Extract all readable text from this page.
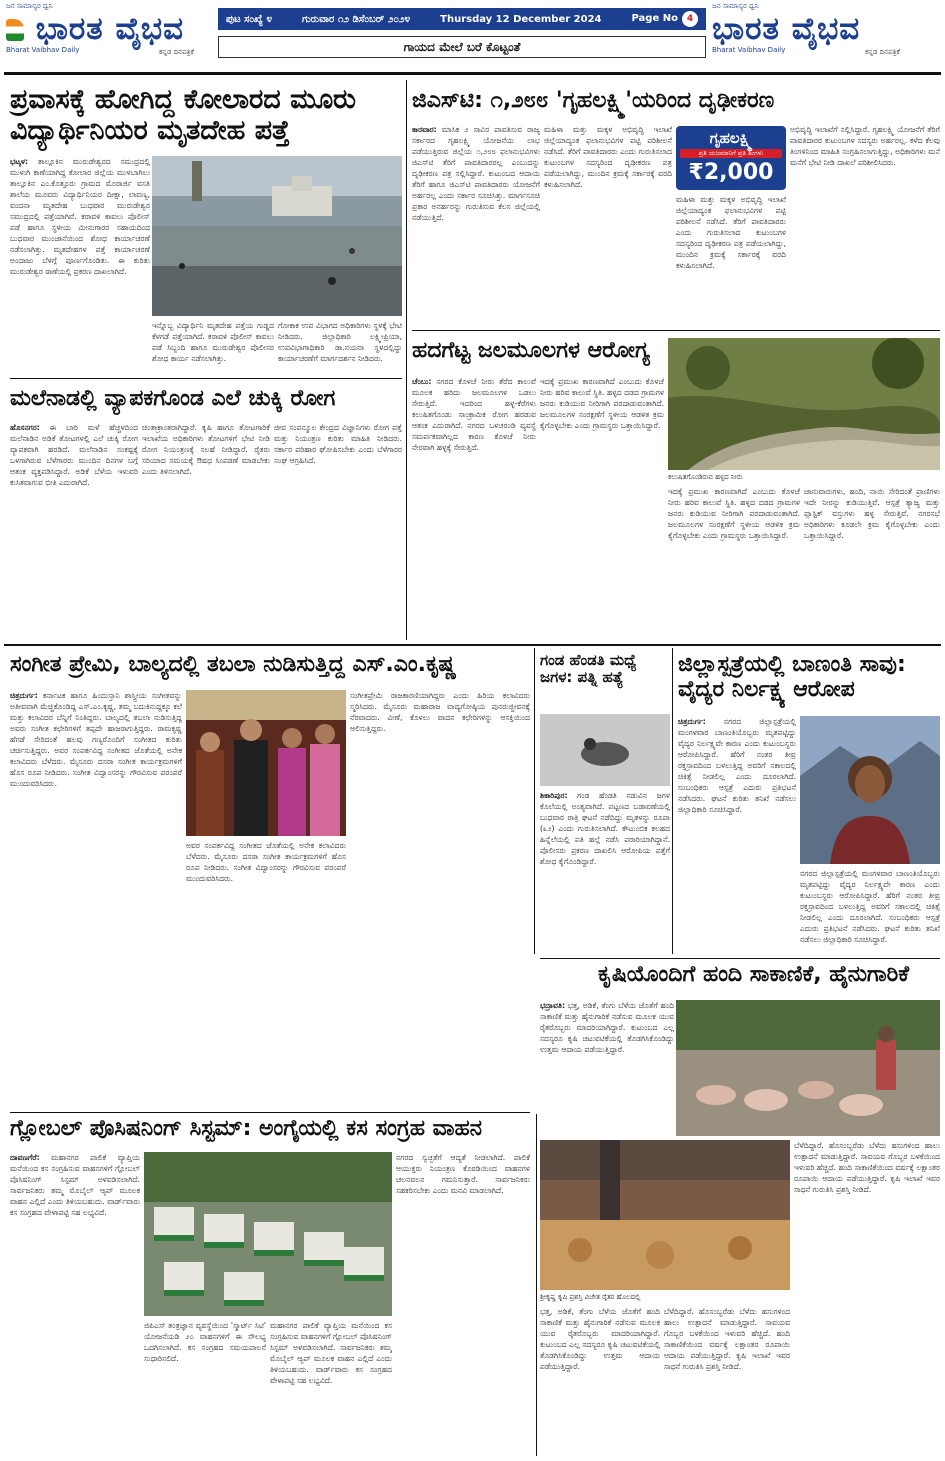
ಜನ ಸಾಮಾನ್ಯರ ಧ್ವನಿ
ಭಾರತ ವೈಭವ
Bharat Vaibhav Daily	ಕನ್ನಡ ದಿನಪತ್ರಿಕೆ
ಪುಟ ಸಂಖ್ಯೆ ೪	ಗುರುವಾರ ೧೨ ಡಿಸೆಂಬರ್ ೨೦೨೪	Thursday 12 December 2024	Page No 4
ಗಾಯದ ಮೇಲೆ ಬರೆ ಕೊಟ್ಟಂತೆ
ಜನ ಸಾಮಾನ್ಯರ ಧ್ವನಿ
ಭಾರತ ವೈಭವ
Bharat Vaibhav Daily	ಕನ್ನಡ ದಿನಪತ್ರಿಕೆ
ಪ್ರವಾಸಕ್ಕೆ ಹೋಗಿದ್ದ ಕೋಲಾರದ ಮೂರು ವಿದ್ಯಾರ್ಥಿನಿಯರ ಮೃತದೇಹ ಪತ್ತೆ
ಭಟ್ಕಳ: ತಾಲ್ಲೂಕಿನ ಮುರುಡೇಶ್ವರದ ಸಮುದ್ರದಲ್ಲಿ ಮುಳುಗಿ ಕಾಣೆಯಾಗಿದ್ದ ಕೋಲಾರ ಜಿಲ್ಲೆಯ ಮುಳಬಾಗಿಲು ತಾಲ್ಲೂಕಿನ ಎಂ.ಕೊತ್ತೂರು ಗ್ರಾಮದ ಮೊರಾರ್ಜಿ ವಸತಿ ಶಾಲೆಯ ಮೂವರು ವಿದ್ಯಾರ್ಥಿನಿಯರ ದೀಕ್ಷಾ, ಲಾವಣ್ಯ, ವಂದನಾ ಮೃತದೇಹ ಬುಧವಾರ ಮುರುಡೇಶ್ವರ ಸಮುದ್ರದಲ್ಲಿ ಪತ್ತೆಯಾಗಿವೆ. ಕರಾವಳಿ ಕಾವಲು ಪೊಲೀಸ್ ಪಡೆ ಹಾಗೂ ಸ್ಥಳೀಯ ಮೀನುಗಾರರ ಸಹಾಯದಿಂದ ಬುಧವಾರ ಮುಂಜಾನೆಯಿಂದ ಶೋಧ ಕಾರ್ಯಾಚರಣೆ ನಡೆಸಲಾಗಿತ್ತು. ಮೃತದೇಹಗಳ ಪತ್ತೆ ಕಾರ್ಯಾಚರಣೆ ಅಂದಾಜು ಬೆಳಿಗ್ಗೆ ಪೂರ್ಣಗೊಂಡಿತು. ಈ ಕುರಿತು ಮುರುಡೇಶ್ವರ ಠಾಣೆಯಲ್ಲಿ ಪ್ರಕರಣ ದಾಖಲಾಗಿದೆ.
ಇನ್ನೊಬ್ಬ ವಿದ್ಯಾರ್ಥಿನಿ ಮೃತದೇಹ ಪತ್ತೆಯ ಗುಡ್ಡದ ಕೆಳಗಡೆ ಪತ್ತೆಯಾಗಿದೆ. ಕರಾವಳಿ ಪೊಲೀಸ್ ಕಾವಲು ಪಡೆ ಸಿಬ್ಬಂದಿ ಹಾಗೂ ಮುರುಡೇಶ್ವರ ಪೊಲೀಸರ ಶೋಧ ಕಾರ್ಯ ನಡೆಸಲಾಗಿತ್ತು.
ಗೋಕಾಕ ಉಪ ವಿಭಾಗದ ಅಧಿಕಾರಿಗಳು ಸ್ಥಳಕ್ಕೆ ಭೇಟಿ ನೀಡಿದರು. ಜಿಲ್ಲಾಧಿಕಾರಿ ಲಕ್ಷ್ಮೀಪ್ರಿಯಾ, ಉಪವಿಭಾಗಾಧಿಕಾರಿ ಡಾ.ನಯನಾ ಸ್ಥಳದಲ್ಲಿದ್ದು ಕಾರ್ಯಾಚರಣೆಗೆ ಮಾರ್ಗದರ್ಶನ ನೀಡಿದರು.
ಮಲೆನಾಡಲ್ಲಿ ವ್ಯಾಪಕಗೊಂಡ ಎಲೆ ಚುಕ್ಕಿ ರೋಗ
ಹೊಸನಗರ: ಈ ಬಾರಿ ಮಳೆ ಹೆಚ್ಚಳದಿಂದ ಮಲೆನಾಡಿನ ಅಡಿಕೆ ತೋಟಗಳಲ್ಲಿ ಎಲೆ ಚುಕ್ಕಿ ರೋಗ ವ್ಯಾಪಕವಾಗಿ ಹರಡಿದೆ. ಮಲೆನಾಡಿನ ಸಂಕಷ್ಟಕ್ಕೆ ಒಳಗಾಗಿರುವ ಬೆಳೆಗಾರರು ಮುಂದಿನ ದಿನಗಳ ಬಗ್ಗೆ ಆತಂಕ ವ್ಯಕ್ತಪಡಿಸಿದ್ದಾರೆ. ಅಡಿಕೆ ಬೆಳೆಯ ಇಳುವರಿ ಕುಸಿತವಾಗುವ ಭೀತಿ ಎದುರಾಗಿದೆ.
ಚಿಂತಾಕ್ರಾಂತರಾಗಿದ್ದಾರೆ. ಕೃಷಿ ಹಾಗೂ ತೋಟಗಾರಿಕೆ ಇಲಾಖೆಯ ಅಧಿಕಾರಿಗಳು ತೋಟಗಳಿಗೆ ಭೇಟಿ ನೀಡಿ ರೋಗ ನಿಯಂತ್ರಣಕ್ಕೆ ಸಲಹೆ ನೀಡಿದ್ದಾರೆ. ರೈತರು ಸರಿಯಾದ ಸಮಯಕ್ಕೆ ಔಷಧ ಸಿಂಪಡಣೆ ಮಾಡಬೇಕು ಎಂದು ತಿಳಿಸಲಾಗಿದೆ.
ಜೀವ ಸಂಪನ್ಮೂಲ ಕೇಂದ್ರದ ವಿಜ್ಞಾನಿಗಳು ರೋಗ ಪತ್ತೆ ಮತ್ತು ನಿಯಂತ್ರಣ ಕುರಿತು ಮಾಹಿತಿ ನೀಡಿದರು. ಸರ್ಕಾರ ಪರಿಹಾರ ಘೋಷಿಸಬೇಕು ಎಂದು ಬೆಳೆಗಾರರ ಸಂಘ ಆಗ್ರಹಿಸಿದೆ.
ಜಿಎಸ್‌ಟಿ: ೧,೨೮೮ 'ಗೃಹಲಕ್ಷ್ಮಿ'ಯರಿಂದ ದೃಢೀಕರಣ
ಕಾರವಾರ: ಮಾಸಿಕ ೨ ಸಾವಿರ ಪಾವತಿಸುವ ರಾಜ್ಯ ಸರ್ಕಾರದ ಗೃಹಲಕ್ಷ್ಮಿ ಯೋಜನೆಯ ಲಾಭ ಪಡೆಯುತ್ತಿರುವ ಜಿಲ್ಲೆಯ ೧,೨೮೮ ಫಲಾನುಭವಿಗಳು ಜಿಎಸ್‌ಟಿ ತೆರಿಗೆ ಪಾವತಿದಾರರಲ್ಲ ಎಂಬುದನ್ನು ದೃಢೀಕರಣ ಪತ್ರ ಸಲ್ಲಿಸಿದ್ದಾರೆ. ಕುಟುಂಬದ ಆದಾಯ ತೆರಿಗೆ ಹಾಗೂ ಜಿಎಸ್‌ಟಿ ಪಾವತಿದಾರರು ಯೋಜನೆಗೆ ಅರ್ಹರಲ್ಲ ಎಂದು ಸರ್ಕಾರ ಸೂಚಿಸಿತ್ತು. ಮಾರ್ಗಸೂಚಿ ಪ್ರಕಾರ ಅನರ್ಹರನ್ನು ಗುರುತಿಸುವ ಕೆಲಸ ಜಿಲ್ಲೆಯಲ್ಲಿ ನಡೆಯುತ್ತಿದೆ.
ಮಹಿಳಾ ಮತ್ತು ಮಕ್ಕಳ ಅಭಿವೃದ್ಧಿ ಇಲಾಖೆ ಜಿಲ್ಲೆಯಾದ್ಯಂತ ಫಲಾನುಭವಿಗಳ ಪಟ್ಟಿ ಪರಿಶೀಲನೆ ನಡೆಸಿದೆ. ತೆರಿಗೆ ಪಾವತಿದಾರರು ಎಂದು ಗುರುತಿಸಲಾದ ಕುಟುಂಬಗಳ ಸದಸ್ಯರಿಂದ ದೃಢೀಕರಣ ಪತ್ರ ಪಡೆಯಲಾಗಿದ್ದು, ಮುಂದಿನ ಕ್ರಮಕ್ಕೆ ಸರ್ಕಾರಕ್ಕೆ ವರದಿ ಕಳುಹಿಸಲಾಗಿದೆ.
ಗೃಹಲಕ್ಷ್ಮಿ
ಪ್ರತಿ ಯಜಮಾನಿಗೆ ಪ್ರತಿ ತಿಂಗಳು
₹2,000
ಮಹಿಳಾ ಮತ್ತು ಮಕ್ಕಳ ಅಭಿವೃದ್ಧಿ ಇಲಾಖೆ ಜಿಲ್ಲೆಯಾದ್ಯಂತ ಫಲಾನುಭವಿಗಳ ಪಟ್ಟಿ ಪರಿಶೀಲನೆ ನಡೆಸಿದೆ. ತೆರಿಗೆ ಪಾವತಿದಾರರು ಎಂದು ಗುರುತಿಸಲಾದ ಕುಟುಂಬಗಳ ಸದಸ್ಯರಿಂದ ದೃಢೀಕರಣ ಪತ್ರ ಪಡೆಯಲಾಗಿದ್ದು, ಮುಂದಿನ ಕ್ರಮಕ್ಕೆ ಸರ್ಕಾರಕ್ಕೆ ವರದಿ ಕಳುಹಿಸಲಾಗಿದೆ.
ಅಭಿವೃದ್ಧಿ ಇಲಾಖೆಗೆ ಸಲ್ಲಿಸಿದ್ದಾರೆ. ಗೃಹಲಕ್ಷ್ಮಿ ಯೋಜನೆಗೆ ತೆರಿಗೆ ಪಾವತಿದಾರರ ಕುಟುಂಬಗಳ ಸದಸ್ಯರು ಅರ್ಹರಲ್ಲ. ಕಳೆದ ಕೆಲವು ತಿಂಗಳಿನಿಂದ ಮಾಹಿತಿ ಸಂಗ್ರಹಿಸಲಾಗುತ್ತಿದ್ದು, ಅಧಿಕಾರಿಗಳು ಮನೆ ಮನೆಗೆ ಭೇಟಿ ನೀಡಿ ದಾಖಲೆ ಪರಿಶೀಲಿಸಿದರು.
ಹದಗೆಟ್ಟ ಜಲಮೂಲಗಳ ಆರೋಗ್ಯ
ಚೆಂಬು: ಸಗರದ ಕೊಳಚೆ ನೀರು ತೆರೆದ ಕಾಲುವೆ ಮೂಲಕ ಹರಿದು ಜಲಮೂಲಗಳ ಒಡಲು ಸೇರುತ್ತಿದೆ. ಇದರಿಂದ ಹಳ್ಳ-ಕೆರೆಗಳು ಕಲುಷಿತಗೊಂಡು ಸಾಂಕ್ರಾಮಿಕ ರೋಗ ಹರಡುವ ಆತಂಕ ಎದುರಾಗಿದೆ. ನಗರದ ಒಳಚರಂಡಿ ವ್ಯವಸ್ಥೆ ಸಮರ್ಪಕವಾಗಿಲ್ಲದ ಕಾರಣ ಕೊಳಚೆ ನೀರು ನೇರವಾಗಿ ಹಳ್ಳಕ್ಕೆ ಸೇರುತ್ತಿದೆ.
ಇದಕ್ಕೆ ಪ್ರಮುಖ ಕಾರಣವಾಗಿದೆ ಎಂಬುದು ಕೊಳಚೆ ನೀರು ಹರಿವ ಕಾಲುವೆ ಸ್ಥಿತಿ. ಹಳ್ಳದ ದಡದ ಗ್ರಾಮಗಳ ಜನರು ಕುಡಿಯುವ ನೀರಿಗಾಗಿ ಪರದಾಡುವಂತಾಗಿದೆ. ಜಲಮೂಲಗಳ ಸಂರಕ್ಷಣೆಗೆ ಸ್ಥಳೀಯ ಆಡಳಿತ ಕ್ರಮ ಕೈಗೊಳ್ಳಬೇಕು ಎಂದು ಗ್ರಾಮಸ್ಥರು ಒತ್ತಾಯಿಸಿದ್ದಾರೆ.
ಕಲುಷಿತಗೊಂಡಿರುವ ಹಳ್ಳದ ನೀರು
ಇದಕ್ಕೆ ಪ್ರಮುಖ ಕಾರಣವಾಗಿದೆ ಎಂಬುದು ಕೊಳಚೆ ನೀರು ಹರಿವ ಕಾಲುವೆ ಸ್ಥಿತಿ. ಹಳ್ಳದ ದಡದ ಗ್ರಾಮಗಳ ಜನರು ಕುಡಿಯುವ ನೀರಿಗಾಗಿ ಪರದಾಡುವಂತಾಗಿದೆ. ಜಲಮೂಲಗಳ ಸಂರಕ್ಷಣೆಗೆ ಸ್ಥಳೀಯ ಆಡಳಿತ ಕ್ರಮ ಕೈಗೊಳ್ಳಬೇಕು ಎಂದು ಗ್ರಾಮಸ್ಥರು ಒತ್ತಾಯಿಸಿದ್ದಾರೆ.
ಜಾನುವಾರುಗಳು, ಹಂದಿ, ನಾಯಿ ಸೇರಿದಂತೆ ಪ್ರಾಣಿಗಳು ಇದೇ ನೀರನ್ನು ಕುಡಿಯುತ್ತಿವೆ. ಆಸ್ಪತ್ರೆ ತ್ಯಾಜ್ಯ ಮತ್ತು ಪ್ಲಾಸ್ಟಿಕ್ ವಸ್ತುಗಳು ಹಳ್ಳ ಸೇರುತ್ತಿವೆ. ನಗರಸಭೆ ಅಧಿಕಾರಿಗಳು ಕೂಡಲೇ ಕ್ರಮ ಕೈಗೊಳ್ಳಬೇಕು ಎಂದು ಒತ್ತಾಯಿಸಿದ್ದಾರೆ.
ಸಂಗೀತ ಪ್ರೇಮಿ, ಬಾಲ್ಯದಲ್ಲಿ ತಬಲಾ ನುಡಿಸುತ್ತಿದ್ದ ಎಸ್.ಎಂ.ಕೃಷ್ಣ
ಚಿತ್ರದುರ್ಗ: ಕರ್ನಾಟಕ ಹಾಗೂ ಹಿಂದುಸ್ತಾನಿ ಶಾಸ್ತ್ರೀಯ ಸಂಗೀತವನ್ನು ಅತೀವವಾಗಿ ಮೆಚ್ಚಿಕೊಂಡಿದ್ದ ಎಸ್.ಎಂ.ಕೃಷ್ಣ, ತಮ್ಮ ಬದುಕಿನುದ್ದಕ್ಕೂ ಕಲೆ ಮತ್ತು ಕಲಾವಿದರ ಬೆನ್ನಿಗೆ ನಿಂತಿದ್ದರು. ಬಾಲ್ಯದಲ್ಲಿ ತಬಲಾ ನುಡಿಸುತ್ತಿದ್ದ ಅವರು ಸಂಗೀತ ಕಛೇರಿಗಳಿಗೆ ತಪ್ಪದೇ ಹಾಜರಾಗುತ್ತಿದ್ದರು. ರಾಮಕೃಷ್ಣ ಹೆಗಡೆ ಸೇರಿದಂತೆ ಹಲವು ಗಣ್ಯರೊಂದಿಗೆ ಸಂಗೀತದ ಕುರಿತು ಚರ್ಚಿಸುತ್ತಿದ್ದರು. ಅವರ ಸಂಪರ್ಕವಿದ್ದ ಸಂಗೀತದ ಜೊತೆಯಲ್ಲಿ ಅನೇಕ ಕಲಾವಿದರು ಬೆಳೆದರು. ಮೈಸೂರು ದಸರಾ ಸಂಗೀತ ಕಾರ್ಯಕ್ರಮಗಳಿಗೆ ಹೊಸ ರೂಪ ನೀಡಿದರು. ಸಂಗೀತ ವಿದ್ವಾಂಸರನ್ನು ಗೌರವಿಸುವ ಪರಂಪರೆ ಮುಂದುವರಿಸಿದರು.
ಸಂಗೀತಪ್ರೇಮಿ ರಾಜಕಾರಣಿಯಾಗಿದ್ದರು ಎಂದು ಹಿರಿಯ ಕಲಾವಿದರು ಸ್ಮರಿಸಿದರು. ಮೈಸೂರು ಮಹಾರಾಜ ವಾದ್ಯಗೋಷ್ಠಿಯ ಪುನರುಜ್ಜೀವನಕ್ಕೆ ನೆರವಾದರು. ವೀಣೆ, ಕೊಳಲು ವಾದನ ಕಛೇರಿಗಳನ್ನು ಆಸಕ್ತಿಯಿಂದ ಆಲಿಸುತ್ತಿದ್ದರು.
ಅವರ ಸಂಪರ್ಕವಿದ್ದ ಸಂಗೀತದ ಜೊತೆಯಲ್ಲಿ ಅನೇಕ ಕಲಾವಿದರು ಬೆಳೆದರು. ಮೈಸೂರು ದಸರಾ ಸಂಗೀತ ಕಾರ್ಯಕ್ರಮಗಳಿಗೆ ಹೊಸ ರೂಪ ನೀಡಿದರು. ಸಂಗೀತ ವಿದ್ವಾಂಸರನ್ನು ಗೌರವಿಸುವ ಪರಂಪರೆ ಮುಂದುವರಿಸಿದರು.
ಗಂಡ ಹೆಂಡತಿ ಮಧ್ಯೆ ಜಗಳ: ಪತ್ನಿ ಹತ್ಯೆ
ಶಿಕಾರಿಪುರ: ಗಂಡ ಹೆಂಡತಿ ನಡುವಿನ ಜಗಳ ಕೊಲೆಯಲ್ಲಿ ಅಂತ್ಯವಾಗಿದೆ. ಪಟ್ಟಣದ ಬಡಾವಣೆಯಲ್ಲಿ ಬುಧವಾರ ರಾತ್ರಿ ಘಟನೆ ನಡೆದಿದ್ದು ಮೃತಳನ್ನು ರೂಪಾ (೩೨) ಎಂದು ಗುರುತಿಸಲಾಗಿದೆ. ಕೌಟುಂಬಿಕ ಕಲಹದ ಹಿನ್ನೆಲೆಯಲ್ಲಿ ಪತಿ ಹಲ್ಲೆ ನಡೆಸಿ ಪರಾರಿಯಾಗಿದ್ದಾನೆ. ಪೊಲೀಸರು ಪ್ರಕರಣ ದಾಖಲಿಸಿ ಆರೋಪಿಯ ಪತ್ತೆಗೆ ಶೋಧ ಕೈಗೊಂಡಿದ್ದಾರೆ.
ಜಿಲ್ಲಾಸ್ಪತ್ರೆಯಲ್ಲಿ ಬಾಣಂತಿ ಸಾವು: ವೈದ್ಯರ ನಿರ್ಲಕ್ಷ್ಯ ಆರೋಪ
ಚಿತ್ರದುರ್ಗ: ನಗರದ ಜಿಲ್ಲಾಸ್ಪತ್ರೆಯಲ್ಲಿ ಮಂಗಳವಾರ ಬಾಣಂತಿಯೊಬ್ಬರು ಮೃತಪಟ್ಟಿದ್ದು ವೈದ್ಯರ ನಿರ್ಲಕ್ಷ್ಯವೇ ಕಾರಣ ಎಂದು ಕುಟುಂಬಸ್ಥರು ಆರೋಪಿಸಿದ್ದಾರೆ. ಹೆರಿಗೆ ನಂತರ ತೀವ್ರ ರಕ್ತಸ್ರಾವದಿಂದ ಬಳಲುತ್ತಿದ್ದ ಅವರಿಗೆ ಸಕಾಲದಲ್ಲಿ ಚಿಕಿತ್ಸೆ ನೀಡಲಿಲ್ಲ ಎಂದು ದೂರಲಾಗಿದೆ. ಸಂಬಂಧಿಕರು ಆಸ್ಪತ್ರೆ ಎದುರು ಪ್ರತಿಭಟನೆ ನಡೆಸಿದರು. ಘಟನೆ ಕುರಿತು ತನಿಖೆ ನಡೆಸಲು ಜಿಲ್ಲಾಧಿಕಾರಿ ಸೂಚಿಸಿದ್ದಾರೆ.
ನಗರದ ಜಿಲ್ಲಾಸ್ಪತ್ರೆಯಲ್ಲಿ ಮಂಗಳವಾರ ಬಾಣಂತಿಯೊಬ್ಬರು ಮೃತಪಟ್ಟಿದ್ದು ವೈದ್ಯರ ನಿರ್ಲಕ್ಷ್ಯವೇ ಕಾರಣ ಎಂದು ಕುಟುಂಬಸ್ಥರು ಆರೋಪಿಸಿದ್ದಾರೆ. ಹೆರಿಗೆ ನಂತರ ತೀವ್ರ ರಕ್ತಸ್ರಾವದಿಂದ ಬಳಲುತ್ತಿದ್ದ ಅವರಿಗೆ ಸಕಾಲದಲ್ಲಿ ಚಿಕಿತ್ಸೆ ನೀಡಲಿಲ್ಲ ಎಂದು ದೂರಲಾಗಿದೆ. ಸಂಬಂಧಿಕರು ಆಸ್ಪತ್ರೆ ಎದುರು ಪ್ರತಿಭಟನೆ ನಡೆಸಿದರು. ಘಟನೆ ಕುರಿತು ತನಿಖೆ ನಡೆಸಲು ಜಿಲ್ಲಾಧಿಕಾರಿ ಸೂಚಿಸಿದ್ದಾರೆ.
ಕೃಷಿಯೊಂದಿಗೆ ಹಂದಿ ಸಾಕಾಣಿಕೆ, ಹೈನುಗಾರಿಕೆ
ಭದ್ರಾವತಿ: ಭತ್ತ, ಅಡಿಕೆ, ತೆಂಗು ಬೆಳೆಯ ಜೊತೆಗೆ ಹಂದಿ ಸಾಕಾಣಿಕೆ ಮತ್ತು ಹೈನುಗಾರಿಕೆ ನಡೆಸುವ ಮೂಲಕ ಯುವ ರೈತರೊಬ್ಬರು ಮಾದರಿಯಾಗಿದ್ದಾರೆ. ಕುಟುಂಬದ ಎಲ್ಲ ಸದಸ್ಯರೂ ಕೃಷಿ ಚಟುವಟಿಕೆಯಲ್ಲಿ ತೊಡಗಿಸಿಕೊಂಡಿದ್ದು ಉತ್ತಮ ಆದಾಯ ಪಡೆಯುತ್ತಿದ್ದಾರೆ.
ಶ್ರೀಕೃಷ್ಣ ಕೃಷಿ ಪ್ರಶಸ್ತಿ ವಿಜೇತ ರೈತರ ಹೊಲದಲ್ಲಿ
ಭತ್ತ, ಅಡಿಕೆ, ತೆಂಗು ಬೆಳೆಯ ಜೊತೆಗೆ ಹಂದಿ ಸಾಕಾಣಿಕೆ ಮತ್ತು ಹೈನುಗಾರಿಕೆ ನಡೆಸುವ ಮೂಲಕ ಯುವ ರೈತರೊಬ್ಬರು ಮಾದರಿಯಾಗಿದ್ದಾರೆ. ಕುಟುಂಬದ ಎಲ್ಲ ಸದಸ್ಯರೂ ಕೃಷಿ ಚಟುವಟಿಕೆಯಲ್ಲಿ ತೊಡಗಿಸಿಕೊಂಡಿದ್ದು ಉತ್ತಮ ಆದಾಯ ಪಡೆಯುತ್ತಿದ್ದಾರೆ.
ಬೆಳೆದಿದ್ದಾರೆ. ಹೊಸಂಬ್ಬರೆಡು ಬೆಳೆದು ಹಸುಗಳಿಂದ ಹಾಲು ಉತ್ಪಾದನೆ ಮಾಡುತ್ತಿದ್ದಾರೆ. ಸಾವಯವ ಗೊಬ್ಬರ ಬಳಕೆಯಿಂದ ಇಳುವರಿ ಹೆಚ್ಚಿದೆ. ಹಂದಿ ಸಾಕಾಣಿಕೆಯಿಂದ ವರ್ಷಕ್ಕೆ ಲಕ್ಷಾಂತರ ರೂಪಾಯಿ ಆದಾಯ ಪಡೆಯುತ್ತಿದ್ದಾರೆ. ಕೃಷಿ ಇಲಾಖೆ ಇವರ ಸಾಧನೆ ಗುರುತಿಸಿ ಪ್ರಶಸ್ತಿ ನೀಡಿದೆ.
ಬೆಳೆದಿದ್ದಾರೆ. ಹೊಸಂಬ್ಬರೆಡು ಬೆಳೆದು ಹಸುಗಳಿಂದ ಹಾಲು ಉತ್ಪಾದನೆ ಮಾಡುತ್ತಿದ್ದಾರೆ. ಸಾವಯವ ಗೊಬ್ಬರ ಬಳಕೆಯಿಂದ ಇಳುವರಿ ಹೆಚ್ಚಿದೆ. ಹಂದಿ ಸಾಕಾಣಿಕೆಯಿಂದ ವರ್ಷಕ್ಕೆ ಲಕ್ಷಾಂತರ ರೂಪಾಯಿ ಆದಾಯ ಪಡೆಯುತ್ತಿದ್ದಾರೆ. ಕೃಷಿ ಇಲಾಖೆ ಇವರ ಸಾಧನೆ ಗುರುತಿಸಿ ಪ್ರಶಸ್ತಿ ನೀಡಿದೆ.
ಗ್ಲೋಬಲ್ ಪೊಸಿಷನಿಂಗ್ ಸಿಸ್ಟಮ್: ಅಂಗೈಯಲ್ಲಿ ಕಸ ಸಂಗ್ರಹ ವಾಹನ
ದಾವಣಗೆರೆ: ಮಹಾನಗರ ಪಾಲಿಕೆ ವ್ಯಾಪ್ತಿಯ ಮನೆಯಿಂದ ಕಸ ಸಂಗ್ರಹಿಸುವ ವಾಹನಗಳಿಗೆ ಗ್ಲೋಬಲ್ ಪೊಸಿಷನಿಂಗ್ ಸಿಸ್ಟಮ್ ಅಳವಡಿಸಲಾಗಿದೆ. ಸಾರ್ವಜನಿಕರು ತಮ್ಮ ಮೊಬೈಲ್ ಆ್ಯಪ್ ಮೂಲಕ ವಾಹನ ಎಲ್ಲಿದೆ ಎಂದು ತಿಳಿಯಬಹುದು. ವಾರ್ಡ್‌ವಾರು ಕಸ ಸಂಗ್ರಹದ ವೇಳಾಪಟ್ಟಿ ಸಹ ಲಭ್ಯವಿದೆ.
ನಗರದ ಸ್ವಚ್ಛತೆಗೆ ಆದ್ಯತೆ ನೀಡಲಾಗಿದೆ. ಪಾಲಿಕೆ ಆಯುಕ್ತರು ನಿಯಂತ್ರಣ ಕೊಠಡಿಯಿಂದ ವಾಹನಗಳ ಚಲನವಲನ ಗಮನಿಸುತ್ತಾರೆ. ಸಾರ್ವಜನಿಕರು ಸಹಕರಿಸಬೇಕು ಎಂದು ಮನವಿ ಮಾಡಲಾಗಿದೆ.
ಜಿಪಿಎಸ್ ತಂತ್ರಜ್ಞಾನ ವ್ಯವಸ್ಥೆಯಿಂದ 'ಸ್ಮಾರ್ಟ್ ಸಿಟಿ' ಯೋಜನೆಯಡಿ ೨೦ ವಾಹನಗಳಿಗೆ ಈ ಸೌಲಭ್ಯ ಒದಗಿಸಲಾಗಿದೆ. ಕಸ ಸಂಗ್ರಹದ ಸಮಯಪಾಲನೆ ಸುಧಾರಿಸಲಿದೆ.
ಮಹಾನಗರ ಪಾಲಿಕೆ ವ್ಯಾಪ್ತಿಯ ಮನೆಯಿಂದ ಕಸ ಸಂಗ್ರಹಿಸುವ ವಾಹನಗಳಿಗೆ ಗ್ಲೋಬಲ್ ಪೊಸಿಷನಿಂಗ್ ಸಿಸ್ಟಮ್ ಅಳವಡಿಸಲಾಗಿದೆ. ಸಾರ್ವಜನಿಕರು ತಮ್ಮ ಮೊಬೈಲ್ ಆ್ಯಪ್ ಮೂಲಕ ವಾಹನ ಎಲ್ಲಿದೆ ಎಂದು ತಿಳಿಯಬಹುದು. ವಾರ್ಡ್‌ವಾರು ಕಸ ಸಂಗ್ರಹದ ವೇಳಾಪಟ್ಟಿ ಸಹ ಲಭ್ಯವಿದೆ.
